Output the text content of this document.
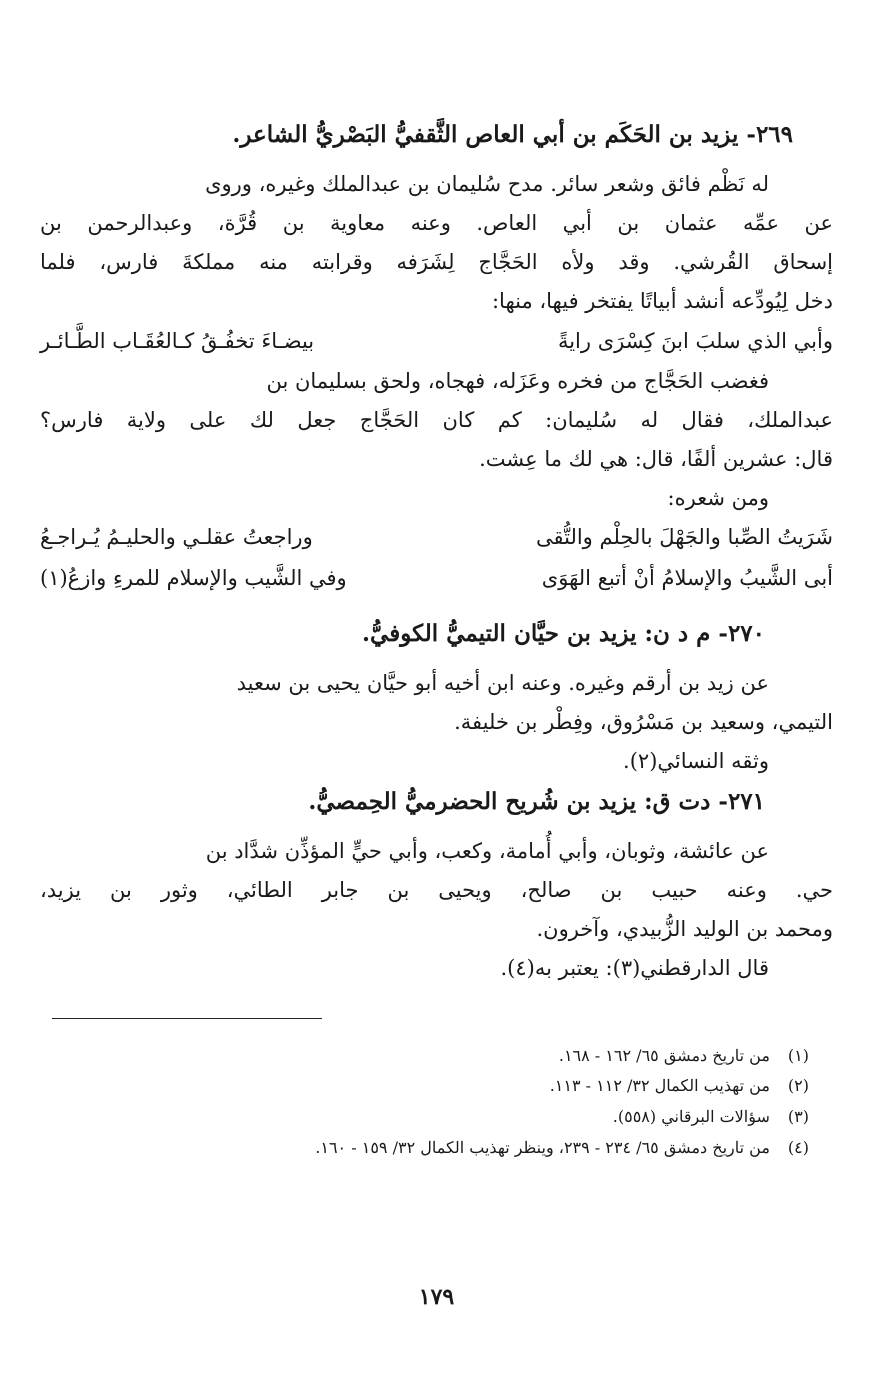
٢٦٩- يزيد بن الحَكَم بن أبي العاص الثَّقفيُّ البَصْريُّ الشاعر.
له نَظْم فائق وشعر سائر. مدح سُليمان بن عبدالملك وغيره، وروى
عن عمِّه عثمان بن أبي العاص. وعنه معاوية بن قُرَّة، وعبدالرحمن بن
إسحاق القُرشي. وقد ولأه الحَجَّاج لِشَرَفه وقرابته منه مملكةَ فارس، فلما
دخل لِيُودِّعه أنشد أبياتًا يفتخر فيها، منها:
وأبي الذي سلبَ ابنَ كِسْرَى رايةً
بيضـاءَ تخفُـقُ كـالعُقَـاب الطَّـائـر
فغضب الحَجَّاج من فخره وعَزَله، فهجاه، ولحق بسليمان بن
عبدالملك، فقال له سُليمان: كم كان الحَجَّاج جعل لك على ولاية فارس؟
قال: عشرين ألفًا، قال: هي لك ما عِشت.
ومن شعره:
شَرَيتُ الصِّبا والجَهْلَ بالحِلْم والتُّقى
وراجعتُ عقلـي والحليـمُ يُـراجـعُ
أبى الشَّيبُ والإسلامُ أنْ أتبع الهَوَى
وفي الشَّيب والإسلام للمرءِ وازعُ(١)
٢٧٠- م د ن: يزيد بن حيَّان التيميُّ الكوفيُّ.
عن زيد بن أرقم وغيره. وعنه ابن أخيه أبو حيَّان يحيى بن سعيد
التيمي، وسعيد بن مَسْرُوق، وفِطْر بن خليفة.
وثقه النسائي(٢).
٢٧١- دت ق: يزيد بن شُريح الحضرميُّ الحِمصيُّ.
عن عائشة، وثوبان، وأبي أُمامة، وكعب، وأبي حيٍّ المؤذِّن شدَّاد بن
حي. وعنه حبيب بن صالح، ويحيى بن جابر الطائي، وثور بن يزيد،
ومحمد بن الوليد الزُّبيدي، وآخرون.
قال الدارقطني(٣): يعتبر به(٤).
(١) من تاريخ دمشق ٦٥/ ١٦٢ - ١٦٨.
(٢) من تهذيب الكمال ٣٢/ ١١٢ - ١١٣.
(٣) سؤالات البرقاني (٥٥٨).
(٤) من تاريخ دمشق ٦٥/ ٢٣٤ - ٢٣٩، وينظر تهذيب الكمال ٣٢/ ١٥٩ - ١٦٠.
١٧٩
